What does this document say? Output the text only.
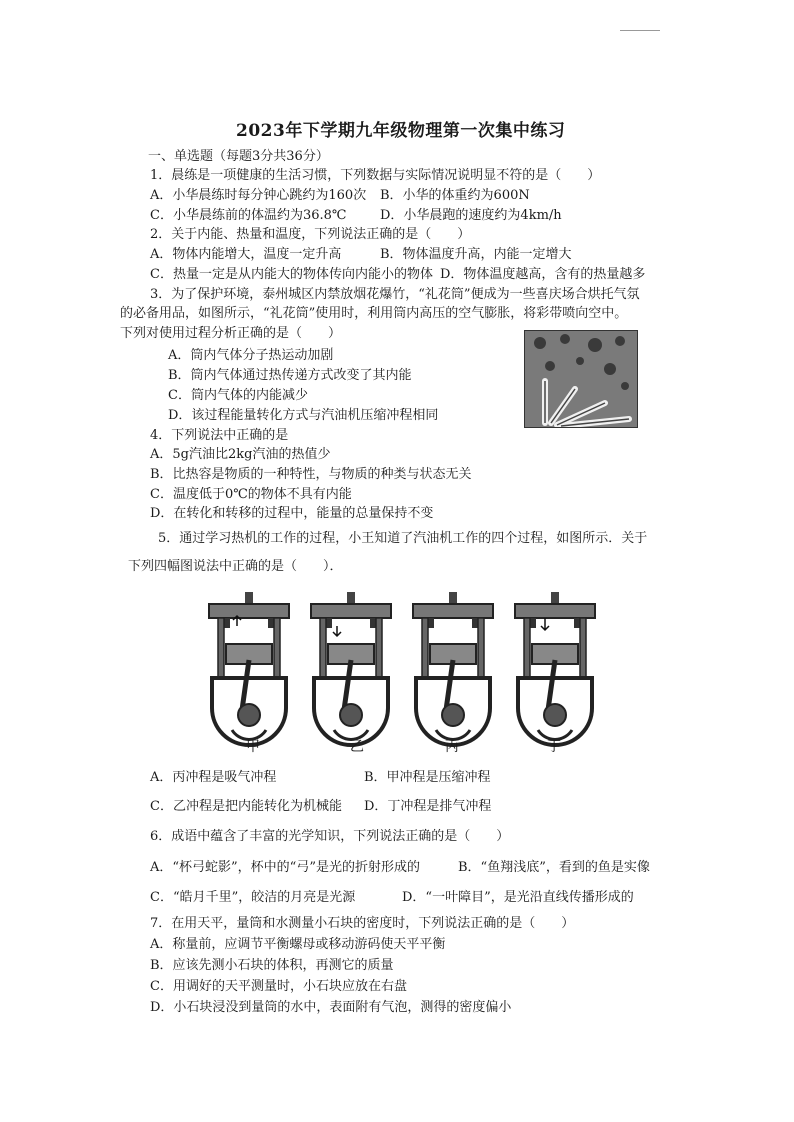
2023年下学期九年级物理第一次集中练习
一、单选题（每题3分共36分）
1．晨练是一项健康的生活习惯，下列数据与实际情况说明显不符的是（　　）
A．小华晨练时每分钟心跳约为160次 B．小华的体重约为600N
C．小华晨练前的体温约为36.8℃	D．小华晨跑的速度约为4km/h
2．关于内能、热量和温度，下列说法正确的是（　　）
A．物体内能增大，温度一定升高	B．物体温度升高，内能一定增大
C．热量一定是从内能大的物体传向内能小的物体 D．物体温度越高，含有的热量越多
3．为了保护环境，泰州城区内禁放烟花爆竹，“礼花筒”便成为一些喜庆场合烘托气氛
的必备用品，如图所示，“礼花筒”使用时，利用筒内高压的空气膨胀，将彩带喷向空中。
下列对使用过程分析正确的是（　　）
A．筒内气体分子热运动加剧
B．筒内气体通过热传递方式改变了其内能
C．筒内气体的内能减少
D．该过程能量转化方式与汽油机压缩冲程相同
4．下列说法中正确的是
A．5g汽油比2kg汽油的热值少
B．比热容是物质的一种特性，与物质的种类与状态无关
C．温度低于0℃的物体不具有内能
D．在转化和转移的过程中，能量的总量保持不变
5．通过学习热机的工作的过程，小王知道了汽油机工作的四个过程，如图所示．关于
下列四幅图说法中正确的是（　　）．
甲	乙	丙	丁
A．丙冲程是吸气冲程	B．甲冲程是压缩冲程
C．乙冲程是把内能转化为机械能 D．丁冲程是排气冲程
6．成语中蕴含了丰富的光学知识，下列说法正确的是（　　）
A．“杯弓蛇影”，杯中的“弓”是光的折射形成的	B．“鱼翔浅底”，看到的鱼是实像
C．“皓月千里”，皎洁的月亮是光源	D．“一叶障目”，是光沿直线传播形成的
7．在用天平，量筒和水测量小石块的密度时，下列说法正确的是（　　）
A．称量前，应调节平衡螺母或移动游码使天平平衡
B．应该先测小石块的体积，再测它的质量
C．用调好的天平测量时，小石块应放在右盘
D．小石块浸没到量筒的水中，表面附有气泡，测得的密度偏小
